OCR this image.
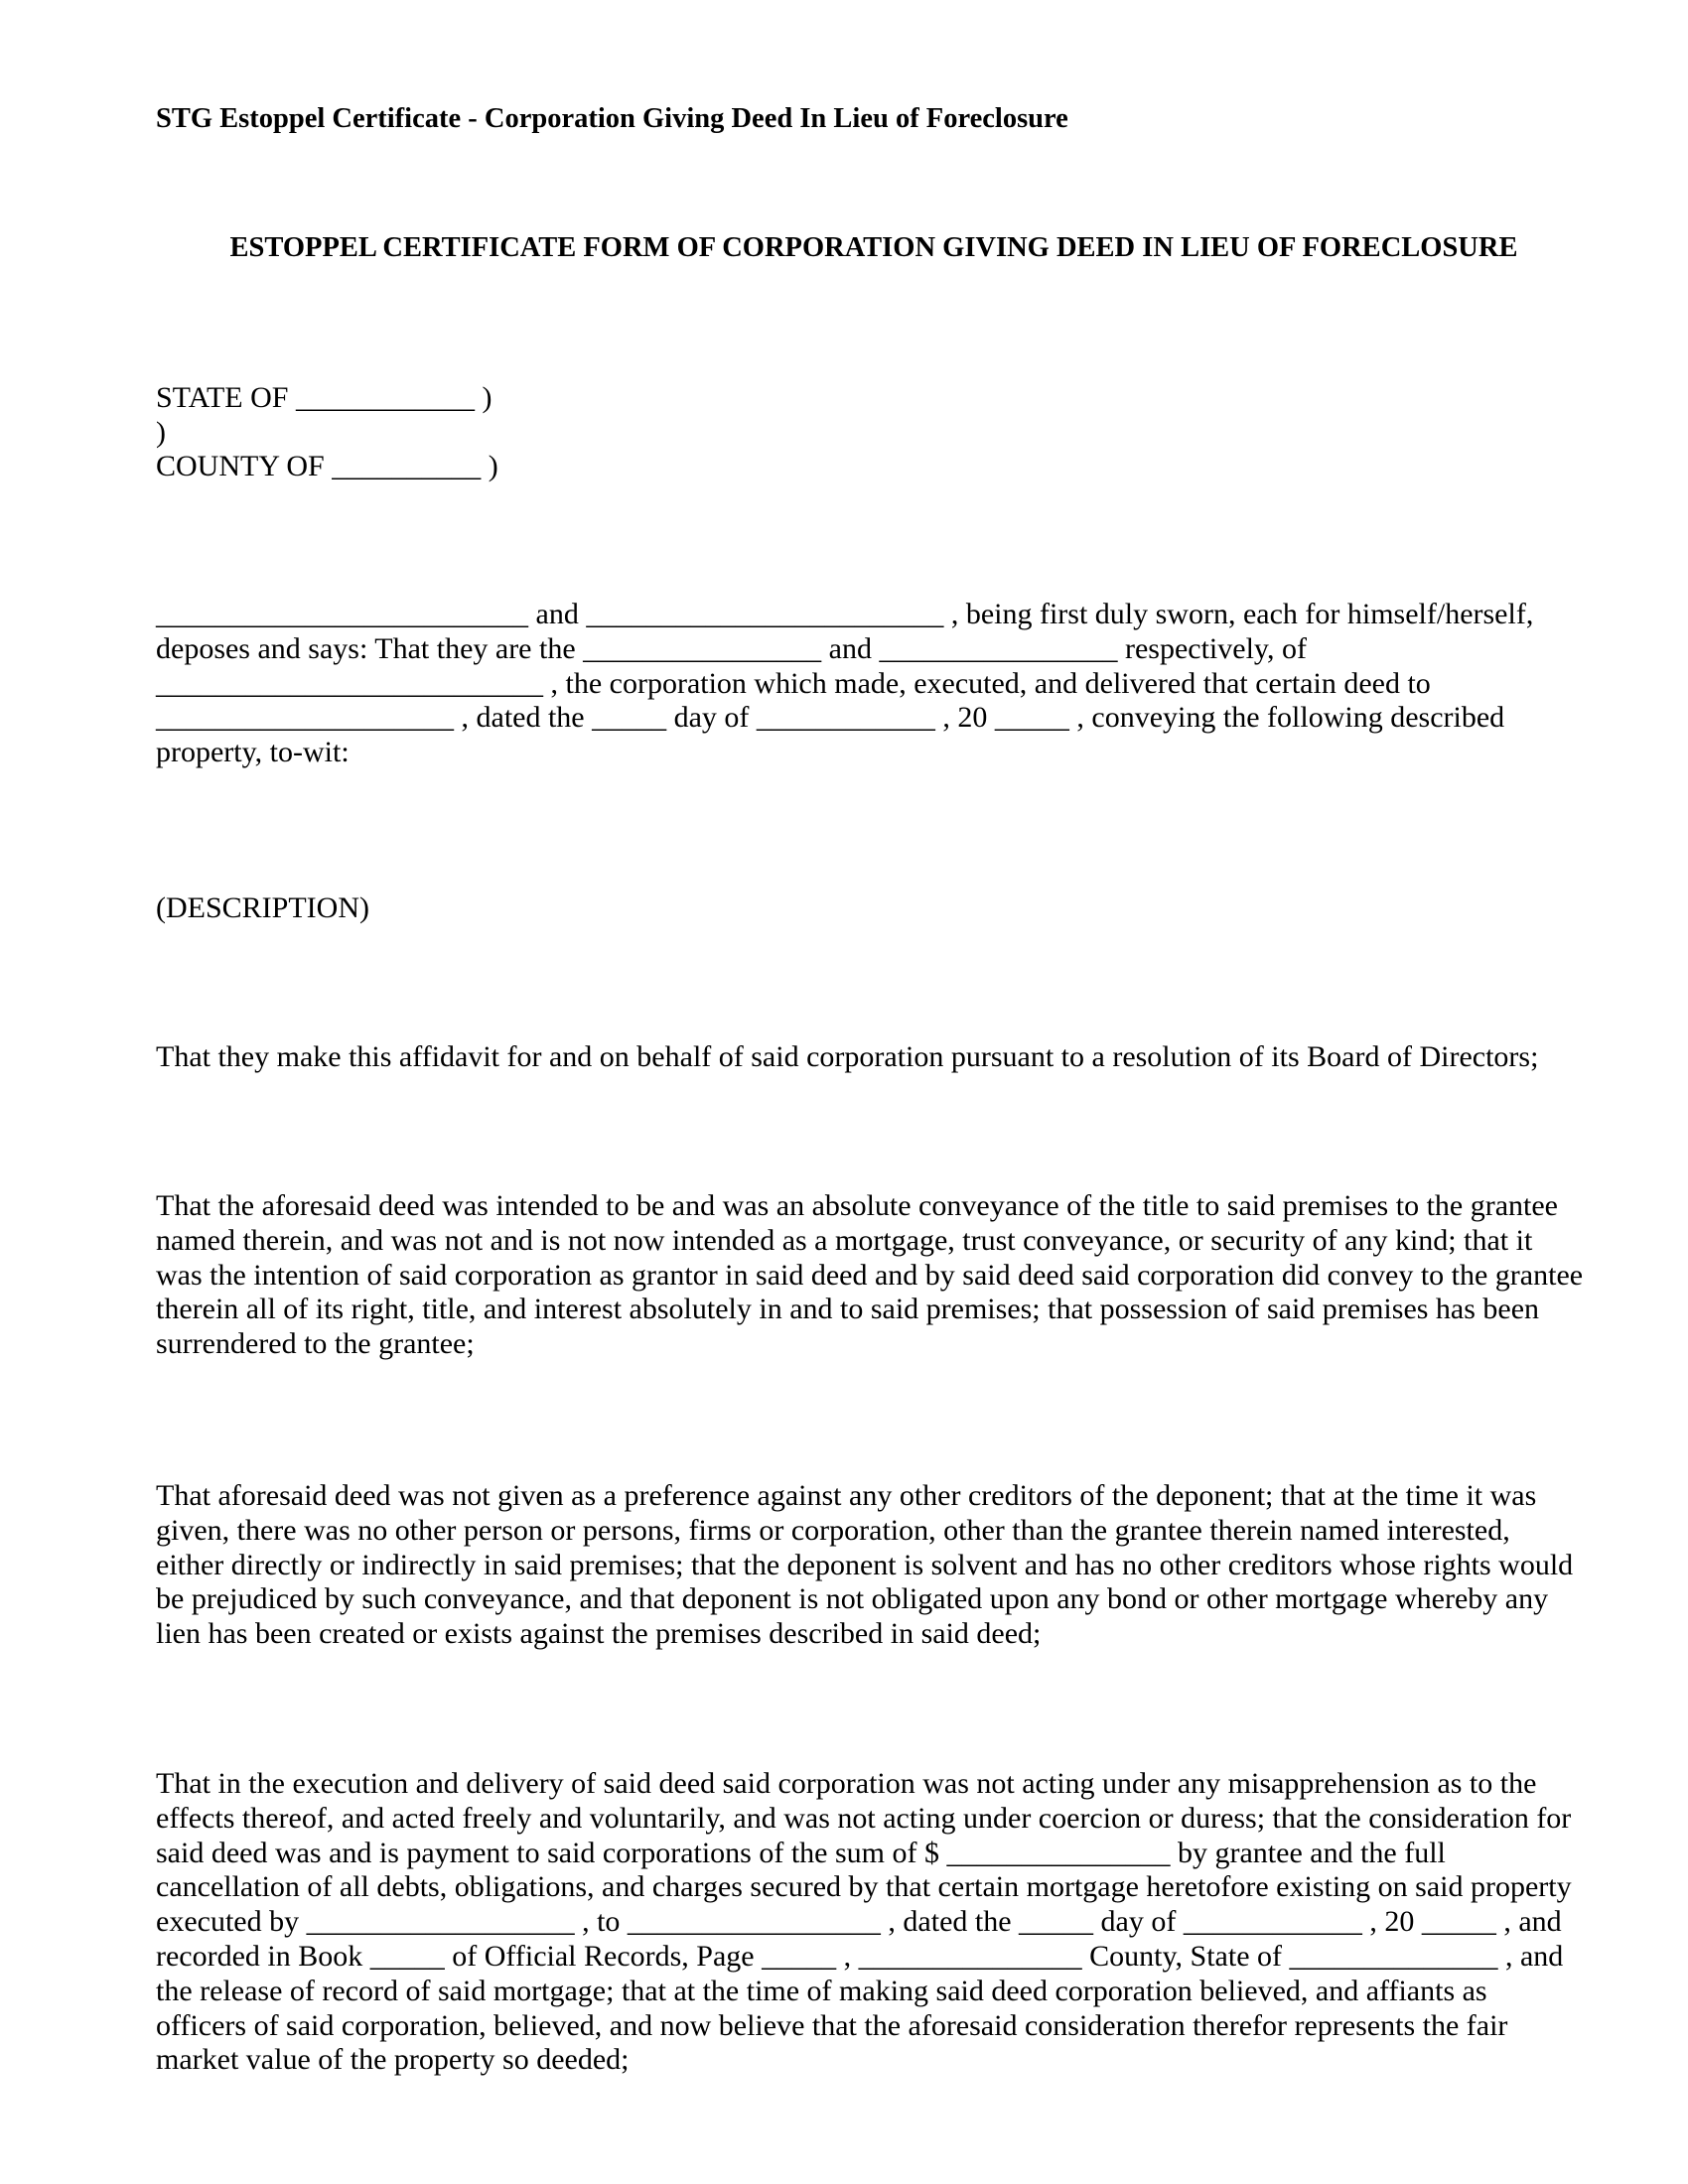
STG Estoppel Certificate - Corporation Giving Deed In Lieu of Foreclosure
ESTOPPEL CERTIFICATE FORM OF CORPORATION GIVING DEED IN LIEU OF FORECLOSURE
STATE OF ____________ )
)
COUNTY OF __________ )
_________________________ and ________________________ , being first duly sworn, each for himself/herself,
deposes and says: That they are the ________________ and ________________ respectively, of
__________________________ , the corporation which made, executed, and delivered that certain deed to
____________________ , dated the _____ day of ____________ , 20 _____ , conveying the following described
property, to-wit:
(DESCRIPTION)
That they make this affidavit for and on behalf of said corporation pursuant to a resolution of its Board of Directors;
That the aforesaid deed was intended to be and was an absolute conveyance of the title to said premises to the grantee
named therein, and was not and is not now intended as a mortgage, trust conveyance, or security of any kind; that it
was the intention of said corporation as grantor in said deed and by said deed said corporation did convey to the grantee
therein all of its right, title, and interest absolutely in and to said premises; that possession of said premises has been
surrendered to the grantee;
That aforesaid deed was not given as a preference against any other creditors of the deponent; that at the time it was
given, there was no other person or persons, firms or corporation, other than the grantee therein named interested,
either directly or indirectly in said premises; that the deponent is solvent and has no other creditors whose rights would
be prejudiced by such conveyance, and that deponent is not obligated upon any bond or other mortgage whereby any
lien has been created or exists against the premises described in said deed;
That in the execution and delivery of said deed said corporation was not acting under any misapprehension as to the
effects thereof, and acted freely and voluntarily, and was not acting under coercion or duress; that the consideration for
said deed was and is payment to said corporations of the sum of $ _______________ by grantee and the full
cancellation of all debts, obligations, and charges secured by that certain mortgage heretofore existing on said property
executed by __________________ , to _________________ , dated the _____ day of ____________ , 20 _____ , and
recorded in Book _____ of Official Records, Page _____ , _______________ County, State of ______________ , and
the release of record of said mortgage; that at the time of making said deed corporation believed, and affiants as
officers of said corporation, believed, and now believe that the aforesaid consideration therefor represents the fair
market value of the property so deeded;
